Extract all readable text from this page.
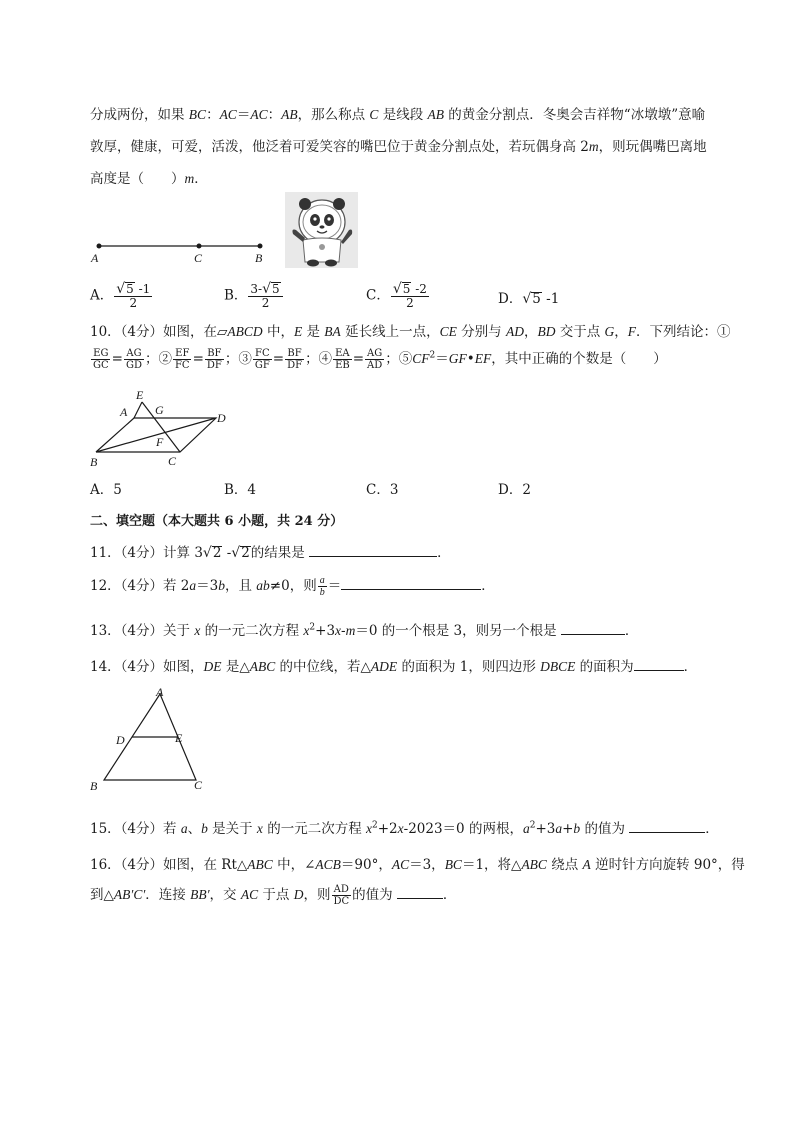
分成两份，如果 BC：AC＝AC：AB，那么称点 C 是线段 AB 的黄金分割点．冬奥会吉祥物“冰墩墩”意喻
敦厚，健康，可爱，活泼，他泛着可爱笑容的嘴巴位于黄金分割点处，若玩偶身高 2m，则玩偶嘴巴离地
高度是（　　）m．
A	C	B
A． $\frac{√5 -1}{2}$	B． $\frac{3-√5}{2}$	C． $\frac{√5 -2}{2}$	D．√5 -1
10．（4分）如图，在▱ABCD 中，E 是 BA 延长线上一点，CE 分别与 AD，BD 交于点 G，F．下列结论：①
$\frac{EG}{GC} = \frac{AG}{GD}$ ；② $\frac{EF}{FC} = \frac{BF}{DF}$ ；③ $\frac{FC}{GF} = \frac{BF}{DF}$ ；④ $\frac{EA}{EB} = \frac{AG}{AD}$ ；$⑤CF^2=GF•EF$，其中正确的个数是（　　）
E
A G
D
F
B	C
A．5	B．4	C．3	D．2
二、填空题（本大题共 6 小题，共 24 分）
11．（4分）计算 3√2 -√2的结果是	．
12．（4分）若 2a＝3b，且 ab≠0，则 $\frac{a}{b}$ ＝	．
13．（4分）关于 x 的一元二次方程 $x^2+3x-m=0$ 的一个根是 3，则另一个根是	．
14．（4分）如图，DE 是△ABC 的中位线，若△ADE 的面积为 1，则四边形 DBCE 的面积为	．
A
D	E
B	C
15．（4分）若 a、b 是关于 x 的一元二次方程 $x^2+2x-2023=0$ 的两根，$a^2+3a+b$ 的值为	．
16．（4分）如图，在 Rt△ABC 中，∠ACB＝90°，AC＝3，BC＝1，将△ABC 绕点 A 逆时针方向旋转 90°，得
到△AB′C′．连接 BB′，交 AC 于点 D，则 $\frac{AD}{DC}$ 的值为	．
